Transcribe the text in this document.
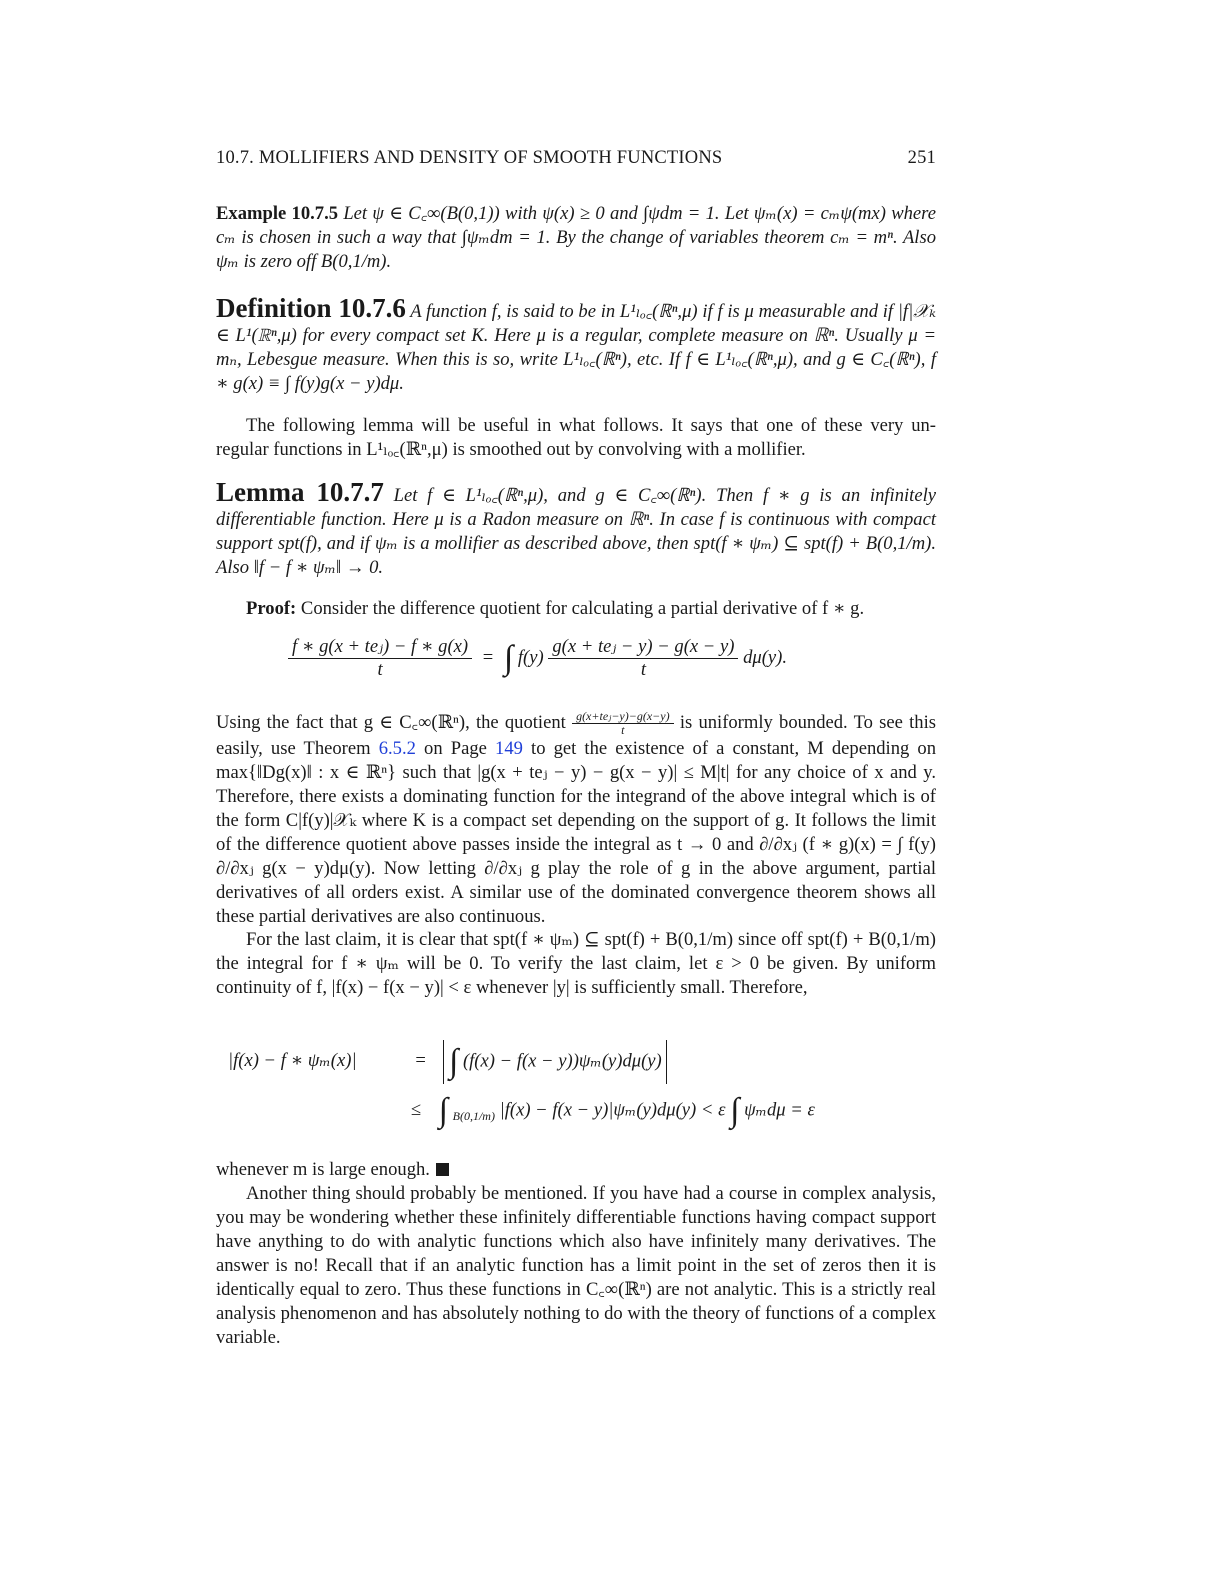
10.7. MOLLIFIERS AND DENSITY OF SMOOTH FUNCTIONS	251
Example 10.7.5 Let ψ ∈ C꜀∞(B(0,1)) with ψ(x) ≥ 0 and ∫ψdm = 1. Let ψₘ(x) = cₘψ(mx) where cₘ is chosen in such a way that ∫ψₘdm = 1. By the change of variables theorem cₘ = mⁿ. Also ψₘ is zero off B(0,1/m).
Definition 10.7.6 A function f, is said to be in L¹ₗₒ꜀(ℝⁿ,μ) if f is μ measurable and if |f|𝒳ₖ ∈ L¹(ℝⁿ,μ) for every compact set K. Here μ is a regular, complete measure on ℝⁿ. Usually μ = mₙ, Lebesgue measure. When this is so, write L¹ₗₒ꜀(ℝⁿ), etc. If f ∈ L¹ₗₒ꜀(ℝⁿ,μ), and g ∈ C꜀(ℝⁿ), f ∗ g(x) ≡ ∫ f(y)g(x − y)dμ.
The following lemma will be useful in what follows. It says that one of these very un-regular functions in L¹ₗₒ꜀(ℝⁿ,μ) is smoothed out by convolving with a mollifier.
Lemma 10.7.7 Let f ∈ L¹ₗₒ꜀(ℝⁿ,μ), and g ∈ C꜀∞(ℝⁿ). Then f ∗ g is an infinitely differentiable function. Here μ is a Radon measure on ℝⁿ. In case f is continuous with compact support spt(f), and if ψₘ is a mollifier as described above, then spt(f ∗ ψₘ) ⊆ spt(f) + B(0,1/m). Also ‖f − f ∗ ψₘ‖ → 0.
Proof: Consider the difference quotient for calculating a partial derivative of f ∗ g.
$\frac{\text{f ∗ g(x + teⱼ) − f ∗ g(x)}}{t}$ = ∫ $f(y) \frac{\text{g(x + teⱼ − y) − g(x − y)}}{t} d\mu(y)$.
Using the fact that g ∈ C꜀∞(ℝⁿ), the quotient $\frac{\text{g(x+teⱼ−y)−g(x−y)}}{t}$ is uniformly bounded. To see this easily, use Theorem 6.5.2 on Page 149 to get the existence of a constant, M depending on max{‖Dg(x)‖ : x ∈ ℝⁿ} such that |g(x + teⱼ − y) − g(x − y)| ≤ M|t| for any choice of x and y. Therefore, there exists a dominating function for the integrand of the above integral which is of the form C|f(y)|𝒳ₖ where K is a compact set depending on the support of g. It follows the limit of the difference quotient above passes inside the integral as t → 0 and ∂/∂xⱼ (f ∗ g)(x) = ∫ f(y) ∂/∂xⱼ g(x − y)dμ(y). Now letting ∂/∂xⱼ g play the role of g in the above argument, partial derivatives of all orders exist. A similar use of the dominated convergence theorem shows all these partial derivatives are also continuous.
For the last claim, it is clear that spt(f ∗ ψₘ) ⊆ spt(f) + B(0,1/m) since off spt(f) + B(0,1/m) the integral for f ∗ ψₘ will be 0. To verify the last claim, let ε > 0 be given. By uniform continuity of f, |f(x) − f(x − y)| < ε whenever |y| is sufficiently small. Therefore,
|f(x) − f ∗ ψₘ(x)|	= ∫ (f(x) − f(x − y))ψₘ(y)dμ(y)
≤ ∫ $_{B(0,1/m)}$ |f(x) − f(x − y)|ψₘ(y)dμ(y) < ε ∫ ψₘdμ = ε
whenever m is large enough.
Another thing should probably be mentioned. If you have had a course in complex analysis, you may be wondering whether these infinitely differentiable functions having compact support have anything to do with analytic functions which also have infinitely many derivatives. The answer is no! Recall that if an analytic function has a limit point in the set of zeros then it is identically equal to zero. Thus these functions in C꜀∞(ℝⁿ) are not analytic. This is a strictly real analysis phenomenon and has absolutely nothing to do with the theory of functions of a complex variable.
